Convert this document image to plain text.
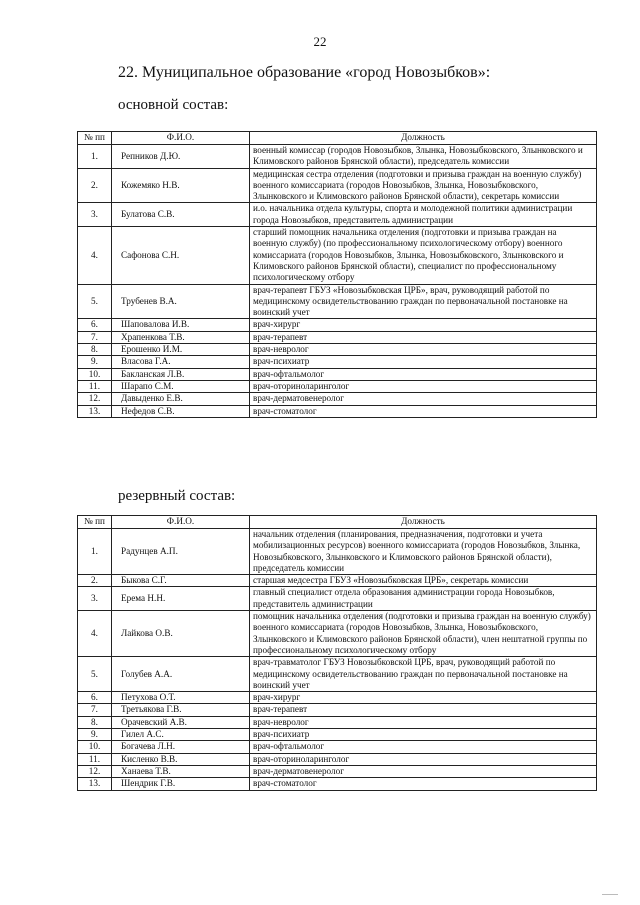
22
22. Муниципальное образование «город Новозыбков»:
основной состав:
№ пп	Ф.И.О.	Должность
1.	Репников Д.Ю.	военный комиссар (городов Новозыбков, Злынка, Новозыбковского, Злынковского и Климовского районов Брянской области), председатель комиссии
2.	Кожемяко Н.В.	медицинская сестра отделения (подготовки и призыва граждан на военную службу) военного комиссариата (городов Новозыбков, Злынка, Новозыбковского, Злынковского и Климовского районов Брянской области), секретарь комиссии
3.	Булатова С.В.	и.о. начальника отдела культуры, спорта и молодежной политики администрации города Новозыбков, представитель администрации
4.	Сафонова С.Н.	старший помощник начальника отделения (подготовки и призыва граждан на военную службу) (по профессиональному психологическому отбору) военного комиссариата (городов Новозыбков, Злынка, Новозыбковского, Злынковского и Климовского районов Брянской области), специалист по профессиональному психологическому отбору
5.	Трубенев В.А.	врач-терапевт ГБУЗ «Новозыбковская ЦРБ», врач, руководящий работой по медицинскому освидетельствованию граждан по первоначальной постановке на воинский учет
6.	Шаповалова И.В.	врач-хирург
7.	Храпенкова Т.В.	врач-терапевт
8.	Ерошенко И.М.	врач-невролог
9.	Власова Г.А.	врач-психиатр
10.	Бакланская Л.В.	врач-офтальмолог
11.	Шарапо С.М.	врач-оториноларинголог
12.	Давыденко Е.В.	врач-дерматовенеролог
13.	Нефедов С.В.	врач-стоматолог
резервный состав:
№ пп	Ф.И.О.	Должность
1.	Радунцев А.П.	начальник отделения (планирования, предназначения, подготовки и учета мобилизационных ресурсов) военного комиссариата (городов Новозыбков, Злынка, Новозыбковского, Злынковского и Климовского районов Брянской области), председатель комиссии
2.	Быкова С.Г.	старшая медсестра ГБУЗ «Новозыбковская ЦРБ», секретарь комиссии
3.	Ерема Н.Н.	главный специалист отдела образования администрации города Новозыбков, представитель администрации
4.	Лайкова О.В.	помощник начальника отделения (подготовки и призыва граждан на военную службу) военного комиссариата (городов Новозыбков, Злынка, Новозыбковского, Злынковского и Климовского районов Брянской области), член нештатной группы по профессиональному психологическому отбору
5.	Голубев А.А.	врач-травматолог ГБУЗ Новозыбковской ЦРБ, врач, руководящий работой по медицинскому освидетельствованию граждан по первоначальной постановке на воинский учет
6.	Петухова О.Т.	врач-хирург
7.	Третьякова Г.В.	врач-терапевт
8.	Орачевский А.В.	врач-невролог
9.	Гилел А.С.	врач-психиатр
10.	Богачева Л.Н.	врач-офтальмолог
11.	Кисленко В.В.	врач-оториноларинголог
12.	Ханаева Т.В.	врач-дерматовенеролог
13.	Шендрик Г.В.	врач-стоматолог
